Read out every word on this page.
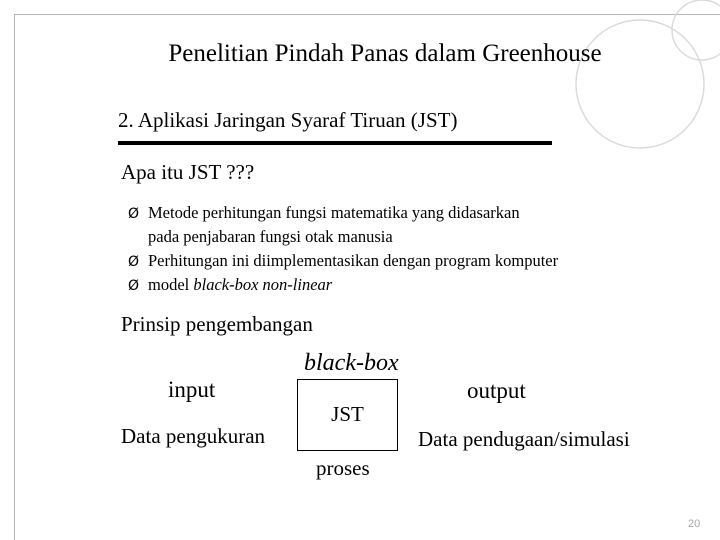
Penelitian Pindah Panas dalam Greenhouse
2. Aplikasi Jaringan Syaraf Tiruan (JST)
Apa itu JST ???
Ø Metode perhitungan fungsi matematika yang didasarkan
pada penjabaran fungsi otak manusia
Ø Perhitungan ini diimplementasikan dengan program komputer
Ø model black-box non-linear
Prinsip pengembangan
black-box
input	output
JST
Data pengukuran	Data pendugaan/simulasi
proses
20
